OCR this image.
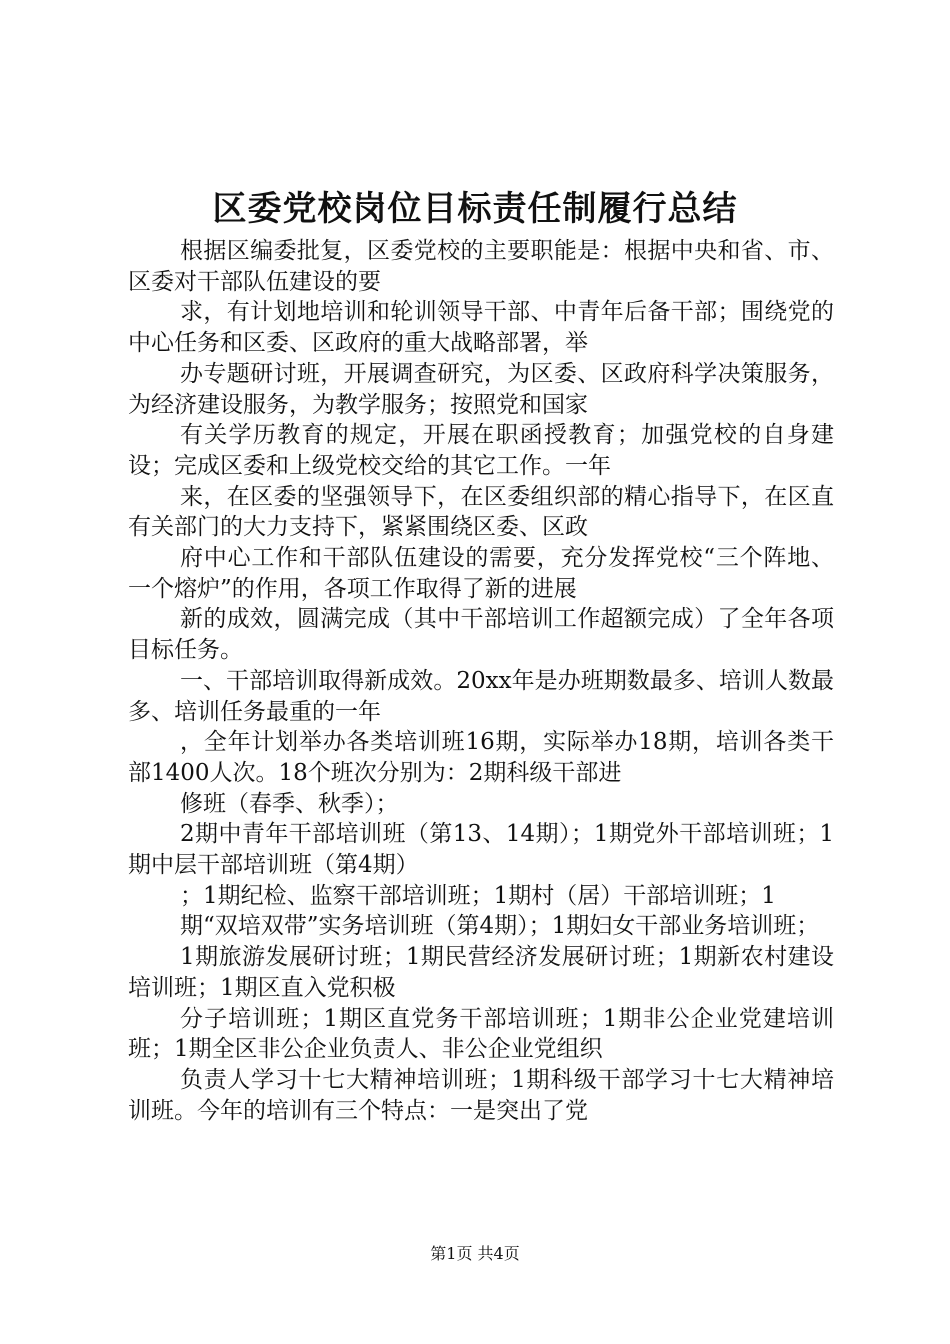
区委党校岗位目标责任制履行总结

根据区编委批复，区委党校的主要职能是：根据中央和省、市、区委对干部队伍建设的要

求，有计划地培训和轮训领导干部、中青年后备干部；围绕党的中心任务和区委、区政府的重大战略部署，举

办专题研讨班，开展调查研究，为区委、区政府科学决策服务，为经济建设服务，为教学服务；按照党和国家

有关学历教育的规定，开展在职函授教育；加强党校的自身建设；完成区委和上级党校交给的其它工作。一年

来，在区委的坚强领导下，在区委组织部的精心指导下，在区直有关部门的大力支持下，紧紧围绕区委、区政

府中心工作和干部队伍建设的需要，充分发挥党校“三个阵地、一个熔炉”的作用，各项工作取得了新的进展

新的成效，圆满完成（其中干部培训工作超额完成）了全年各项目标任务。

一、干部培训取得新成效。20xx年是办班期数最多、培训人数最多、培训任务最重的一年

，全年计划举办各类培训班16期，实际举办18期，培训各类干部1400人次。18个班次分别为：2期科级干部进

修班（春季、秋季）；

2期中青年干部培训班（第13、14期）；1期党外干部培训班；1期中层干部培训班（第4期）

；1期纪检、监察干部培训班；1期村（居）干部培训班；1

期“双培双带”实务培训班（第4期）；1期妇女干部业务培训班；

1期旅游发展研讨班；1期民营经济发展研讨班；1期新农村建设培训班；1期区直入党积极

分子培训班；1期区直党务干部培训班；1期非公企业党建培训班；1期全区非公企业负责人、非公企业党组织

负责人学习十七大精神培训班；1期科级干部学习十七大精神培训班。今年的培训有三个特点：一是突出了党

第1页 共4页
